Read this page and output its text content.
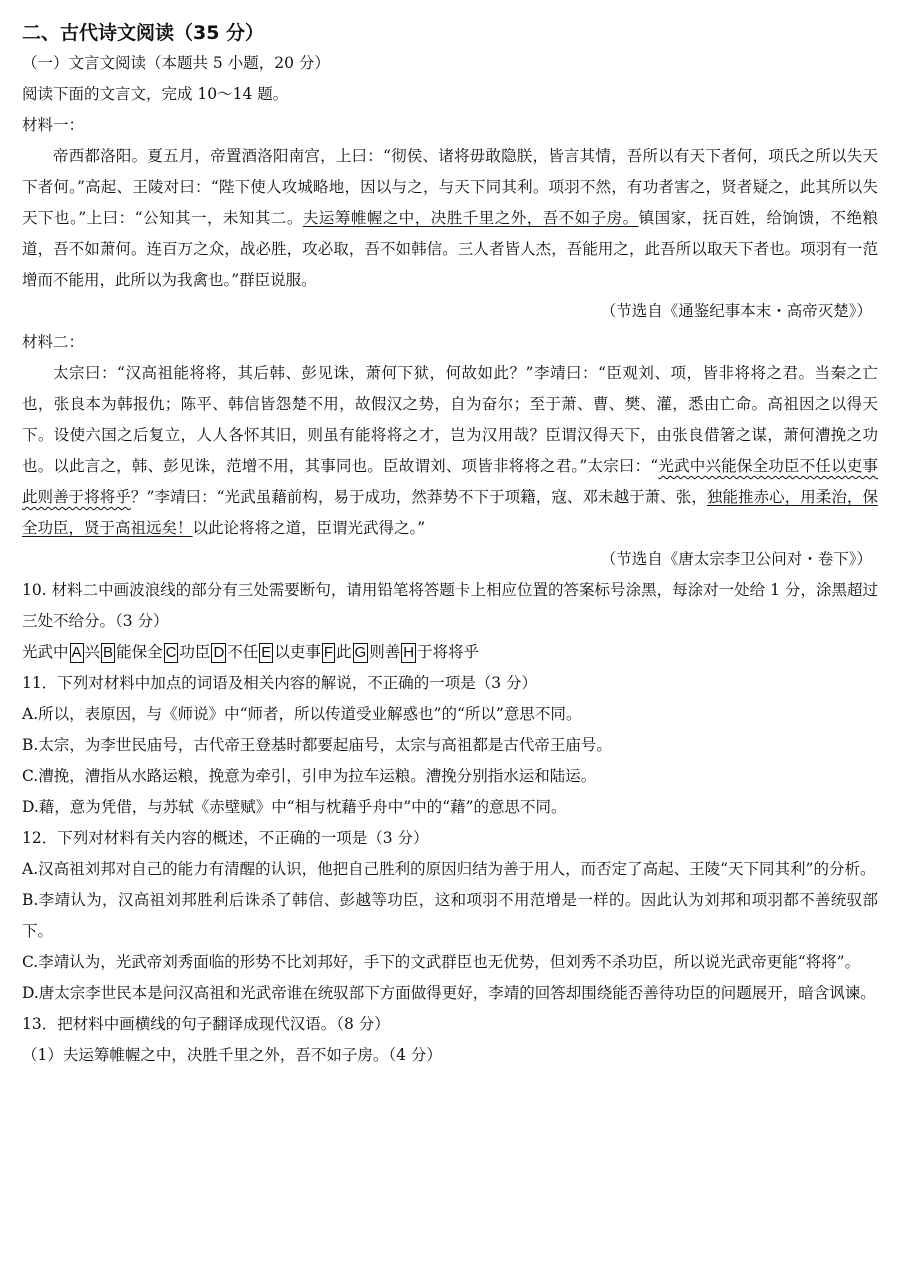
二、古代诗文阅读（35 分）

（一）文言文阅读（本题共 5 小题，20 分）

阅读下面的文言文，完成 10～14 题。

材料一：

帝西都洛阳。夏五月，帝置酒洛阳南宫，上曰：“彻侯、诸将毋敢隐朕，皆言其情，吾所以有天下者何，项氏之所以失天下者何。”高起、王陵对曰：“陛下使人攻城略地，因以与之，与天下同其利。项羽不然，有功者害之，贤者疑之，此其所以失天下也。”上曰：“公知其一，未知其二。夫运筹帷幄之中，决胜千里之外，吾不如子房。镇国家，抚百姓，给饷馈，不绝粮道，吾不如萧何。连百万之众，战必胜，攻必取，吾不如韩信。三人者皆人杰，吾能用之，此吾所以取天下者也。项羽有一范增而不能用，此所以为我禽也。”群臣说服。

（节选自《通鉴纪事本末・高帝灭楚》）

材料二：

太宗曰：“汉高祖能将将，其后韩、彭见诛，萧何下狱，何故如此？”李靖曰：“臣观刘、项，皆非将将之君。当秦之亡也，张良本为韩报仇；陈平、韩信皆怨楚不用，故假汉之势，自为奋尔；至于萧、曹、樊、灌，悉由亡命。高祖因之以得天下。设使六国之后复立，人人各怀其旧，则虽有能将将之才，岂为汉用哉？臣谓汉得天下，由张良借箸之谋，萧何漕挽之功也。以此言之，韩、彭见诛，范增不用，其事同也。臣故谓刘、项皆非将将之君。”太宗曰：“光武中兴能保全功臣不任以吏事此则善于将将乎？”李靖曰：“光武虽藉前构，易于成功，然莽势不下于项籍，寇、邓未越于萧、张，独能推赤心，用柔治，保全功臣，贤于高祖远矣！以此论将将之道，臣谓光武得之。”

（节选自《唐太宗李卫公问对・卷下》）

10. 材料二中画波浪线的部分有三处需要断句，请用铅笔将答题卡上相应位置的答案标号涂黑，每涂对一处给 1 分，涂黑超过三处不给分。（3 分）

光武中 A 兴 B 能保全 C 功臣 D 不任 E 以吏事 F 此 G 则善 H 于将将乎

11．下列对材料中加点的词语及相关内容的解说，不正确的一项是（3 分）

A.所以，表原因，与《师说》中“师者，所以传道受业解惑也”的“所以”意思不同。

B.太宗，为李世民庙号，古代帝王登基时都要起庙号，太宗与高祖都是古代帝王庙号。

C.漕挽，漕指从水路运粮，挽意为牵引，引申为拉车运粮。漕挽分别指水运和陆运。

D.藉，意为凭借，与苏轼《赤壁赋》中“相与枕藉乎舟中”中的“藉”的意思不同。

12．下列对材料有关内容的概述，不正确的一项是（3 分）

A.汉高祖刘邦对自己的能力有清醒的认识，他把自己胜利的原因归结为善于用人，而否定了高起、王陵“天下同其利”的分析。

B.李靖认为，汉高祖刘邦胜利后诛杀了韩信、彭越等功臣，这和项羽不用范增是一样的。因此认为刘邦和项羽都不善统驭部下。

C.李靖认为，光武帝刘秀面临的形势不比刘邦好，手下的文武群臣也无优势，但刘秀不杀功臣，所以说光武帝更能“将将”。

D.唐太宗李世民本是问汉高祖和光武帝谁在统驭部下方面做得更好，李靖的回答却围绕能否善待功臣的问题展开，暗含讽谏。

13．把材料中画横线的句子翻译成现代汉语。（8 分）

（1）夫运筹帷幄之中，决胜千里之外，吾不如子房。（4 分）
